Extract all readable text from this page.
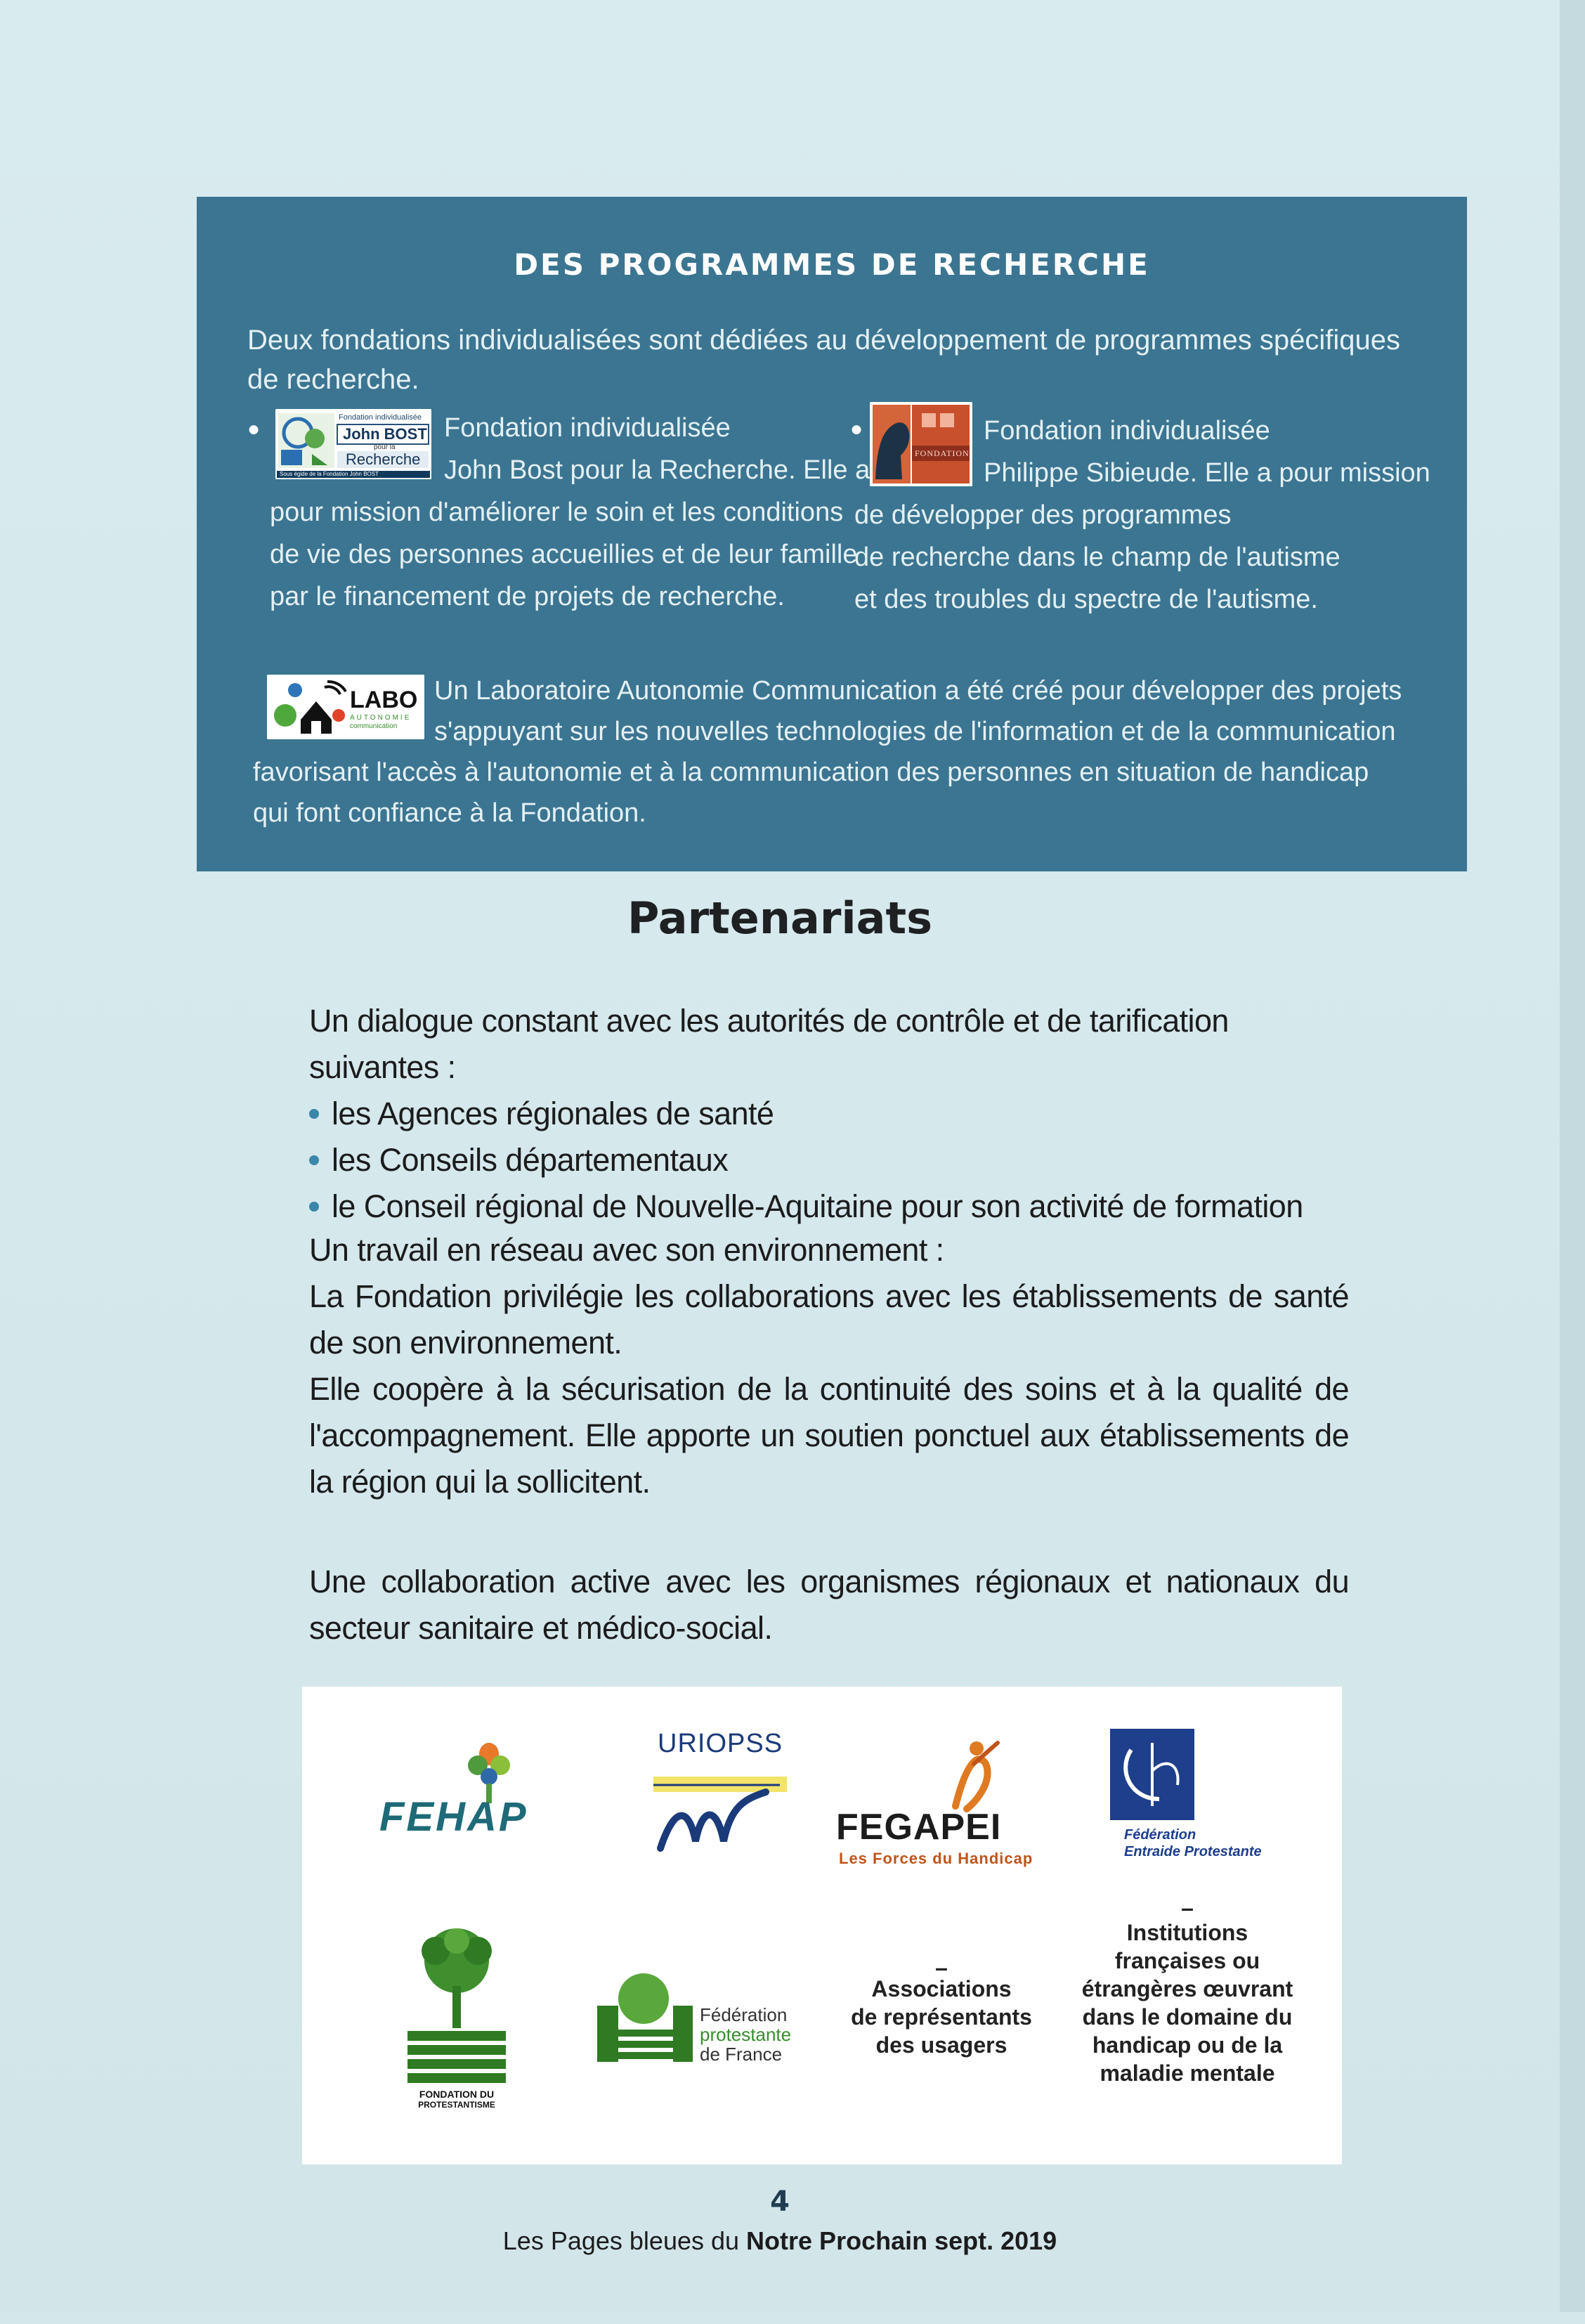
DES PROGRAMMES DE RECHERCHE
Deux fondations individualisées sont dédiées au développement de programmes spécifiques de recherche.
●	Fondation individualisée
John BOST
pour la
Recherche
Sous égide de la Fondation John BOST
Fondation individualisée
John Bost pour la Recherche. Elle a
pour mission d'améliorer le soin et les conditions
de vie des personnes accueillies et de leur famille
par le financement de projets de recherche.
●
FONDATION
Fondation individualisée
Philippe Sibieude. Elle a pour mission
de développer des programmes
de recherche dans le champ de l'autisme
et des troubles du spectre de l'autisme.
LABO
AUTONOMIE
communication
Un Laboratoire Autonomie Communication a été créé pour développer des projets
s'appuyant sur les nouvelles technologies de l'information et de la communication
favorisant l'accès à l'autonomie et à la communication des personnes en situation de handicap
qui font confiance à la Fondation.
Partenariats
Un dialogue constant avec les autorités de contrôle et de tarification suivantes :
les Agences régionales de santé
les Conseils départementaux
le Conseil régional de Nouvelle-Aquitaine pour son activité de formation
Un travail en réseau avec son environnement :
La Fondation privilégie les collaborations avec les établissements de santé de son environnement.
Elle coopère à la sécurisation de la continuité des soins et à la qualité de l'accompagnement. Elle apporte un soutien ponctuel aux établissements de la région qui la sollicitent.
Une collaboration active avec les organismes régionaux et nationaux du secteur sanitaire et médico-social.
FEHAP
URIOPSS
FEGAPEI
Les Forces du Handicap
Fédération
Entraide Protestante
FONDATION DU
PROTESTANTISME
Fédération
protestante
de France
–
Associations
de représentants
des usagers
–
Institutions
françaises ou
étrangères œuvrant
dans le domaine du
handicap ou de la
maladie mentale
4
Les Pages bleues du Notre Prochain sept. 2019
